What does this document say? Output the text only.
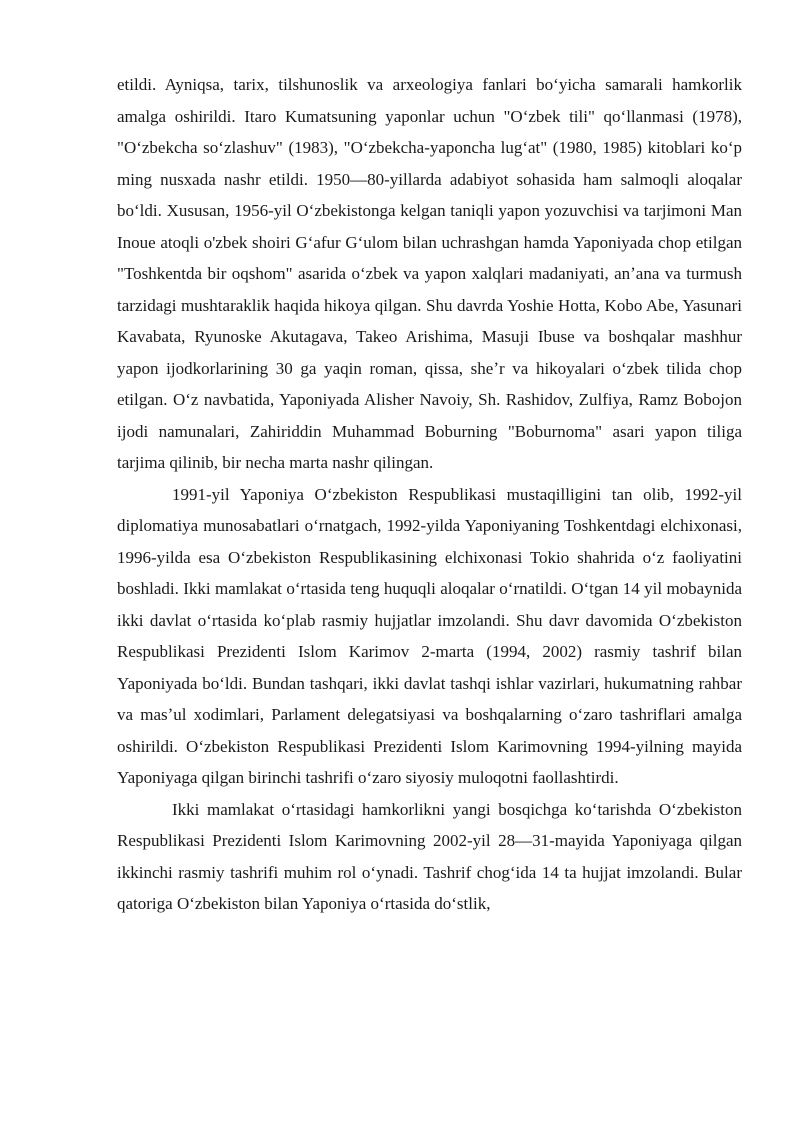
etildi. Ayniqsa, tarix, tilshunoslik va arxeologiya fanlari boʻyicha samarali hamkorlik amalga oshirildi. Itaro Kumatsuning yaponlar uchun "Oʻzbek tili" qoʻllanmasi (1978), "Oʻzbekcha soʻzlashuv" (1983), "Oʻzbekcha-yaponcha lugʻat" (1980, 1985) kitoblari koʻp ming nusxada nashr etildi. 1950—80-yillarda adabiyot sohasida ham salmoqli aloqalar boʻldi. Xususan, 1956-yil Oʻzbekistonga kelgan taniqli yapon yozuvchisi va tarjimoni Man Inoue atoqli o'zbek shoiri Gʻafur Gʻulom bilan uchrashgan hamda Yaponiyada chop etilgan "Toshkentda bir oqshom" asarida oʻzbek va yapon xalqlari madaniyati, anʼana va turmush tarzidagi mushtaraklik haqida hikoya qilgan. Shu davrda Yoshie Hotta, Kobo Abe, Yasunari Kavabata, Ryunoske Akutagava, Takeo Arishima, Masuji Ibuse va boshqalar mashhur yapon ijodkorlarining 30 ga yaqin roman, qissa, sheʼr va hikoyalari oʻzbek tilida chop etilgan. Oʻz navbatida, Yaponiyada Alisher Navoiy, Sh. Rashidov, Zulfiya, Ramz Bobojon ijodi namunalari, Zahiriddin Muhammad Boburning "Boburnoma" asari yapon tiliga tarjima qilinib, bir necha marta nashr qilingan.

1991-yil Yaponiya Oʻzbekiston Respublikasi mustaqilligini tan olib, 1992-yil diplomatiya munosabatlari oʻrnatgach, 1992-yilda Yaponiyaning Toshkentdagi elchixonasi, 1996-yilda esa Oʻzbekiston Respublikasining elchixonasi Tokio shahrida oʻz faoliyatini boshladi. Ikki mamlakat oʻrtasida teng huquqli aloqalar oʻrnatildi. Oʻtgan 14 yil mobaynida ikki davlat oʻrtasida koʻplab rasmiy hujjatlar imzolandi. Shu davr davomida Oʻzbekiston Respublikasi Prezidenti Islom Karimov 2-marta (1994, 2002) rasmiy tashrif bilan Yaponiyada boʻldi. Bundan tashqari, ikki davlat tashqi ishlar vazirlari, hukumatning rahbar va masʼul xodimlari, Parlament delegatsiyasi va boshqalarning oʻzaro tashriflari amalga oshirildi. Oʻzbekiston Respublikasi Prezidenti Islom Karimovning 1994-yilning mayida Yaponiyaga qilgan birinchi tashrifi oʻzaro siyosiy muloqotni faollashtirdi.

Ikki mamlakat oʻrtasidagi hamkorlikni yangi bosqichga koʻtarishda Oʻzbekiston Respublikasi Prezidenti Islom Karimovning 2002-yil 28—31-mayida Yaponiyaga qilgan ikkinchi rasmiy tashrifi muhim rol oʻynadi. Tashrif chogʻida 14 ta hujjat imzolandi. Bular qatoriga Oʻzbekiston bilan Yaponiya oʻrtasida doʻstlik,
